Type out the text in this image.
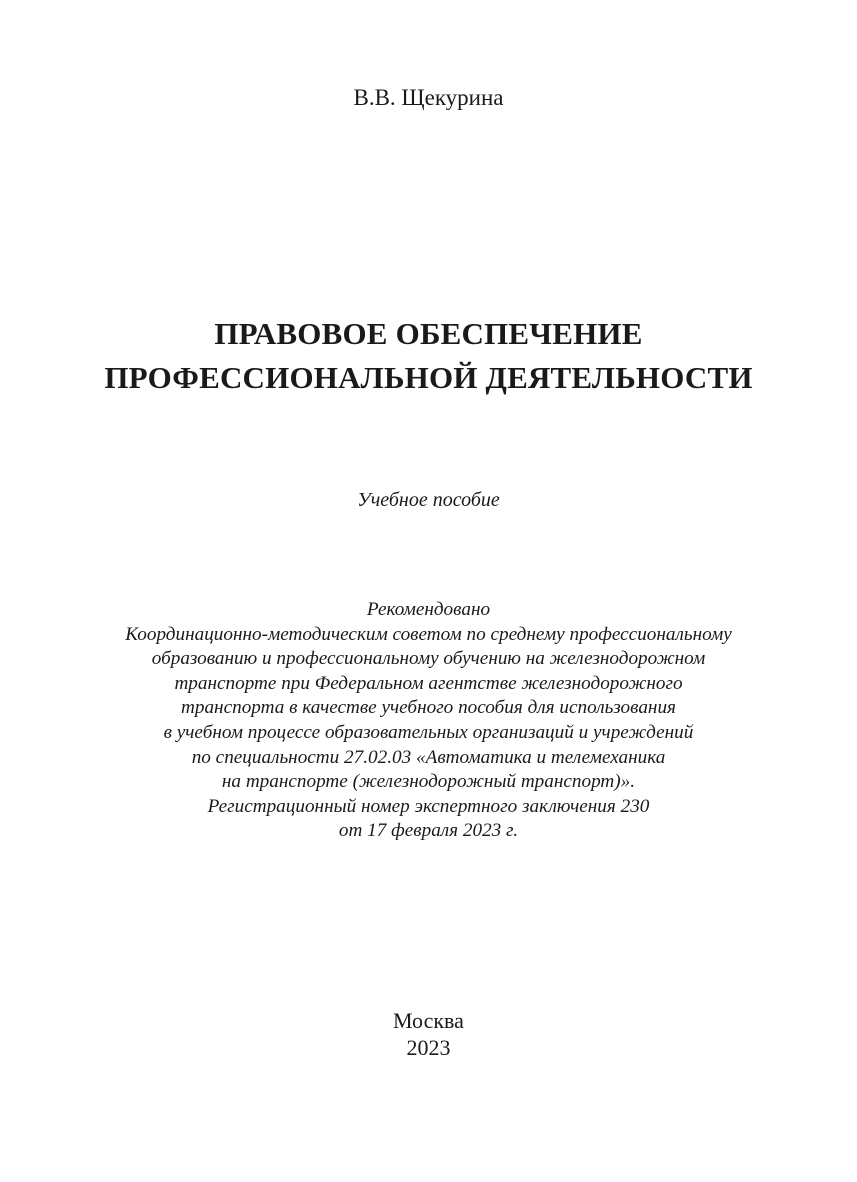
В.В. Щекурина
ПРАВОВОЕ ОБЕСПЕЧЕНИЕ
ПРОФЕССИОНАЛЬНОЙ ДЕЯТЕЛЬНОСТИ
Учебное пособие
Рекомендовано
Координационно-методическим советом по среднему профессиональному
образованию и профессиональному обучению на железнодорожном
транспорте при Федеральном агентстве железнодорожного
транспорта в качестве учебного пособия для использования
в учебном процессе образовательных организаций и учреждений
по специальности 27.02.03 «Автоматика и телемеханика
на транспорте (железнодорожный транспорт)».
Регистрационный номер экспертного заключения 230
от 17 февраля 2023 г.
Москва
2023
